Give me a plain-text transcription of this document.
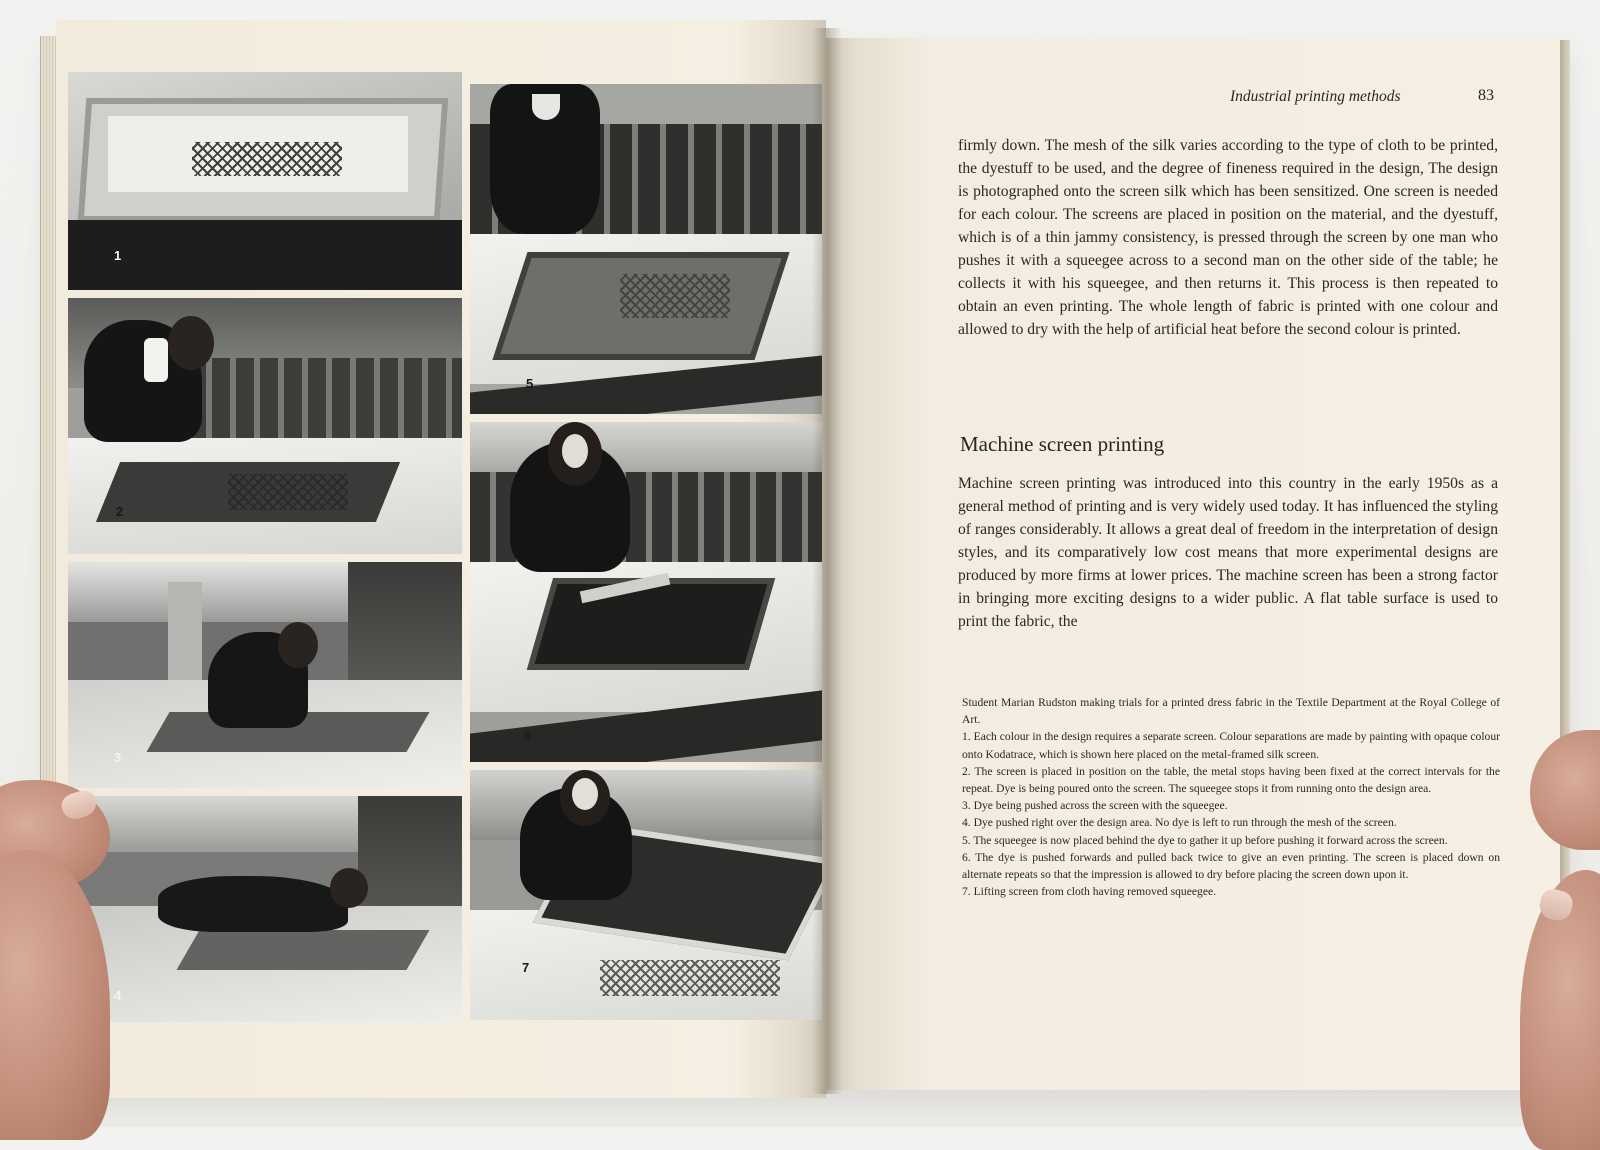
1
2
3
4
5
6
7
Industrial printing methods	83

firmly down. The mesh of the silk varies according to the type of cloth to be printed, the dyestuff to be used, and the degree of fineness required in the design, The design is photographed onto the screen silk which has been sensitized. One screen is needed for each colour. The screens are placed in position on the material, and the dyestuff, which is of a thin jammy consistency, is pressed through the screen by one man who pushes it with a squeegee across to a second man on the other side of the table; he collects it with his squeegee, and then returns it. This process is then repeated to obtain an even printing. The whole length of fabric is printed with one colour and allowed to dry with the help of artificial heat before the second colour is printed.

Machine screen printing

Machine screen printing was introduced into this country in the early 1950s as a general method of printing and is very widely used today. It has influenced the styling of ranges considerably. It allows a great deal of freedom in the interpretation of design styles, and its comparatively low cost means that more experimental designs are produced by more firms at lower prices. The machine screen has been a strong factor in bringing more exciting designs to a wider public. A flat table surface is used to print the fabric, the

Student Marian Rudston making trials for a printed dress fabric in the Textile Department at the Royal College of Art.

1. Each colour in the design requires a separate screen. Colour separations are made by painting with opaque colour onto Kodatrace, which is shown here placed on the metal-framed silk screen.

2. The screen is placed in position on the table, the metal stops having been fixed at the correct intervals for the repeat. Dye is being poured onto the screen. The squeegee stops it from running onto the design area.

3. Dye being pushed across the screen with the squeegee.

4. Dye pushed right over the design area. No dye is left to run through the mesh of the screen.

5. The squeegee is now placed behind the dye to gather it up before pushing it forward across the screen.

6. The dye is pushed forwards and pulled back twice to give an even printing. The screen is placed down on alternate repeats so that the impression is allowed to dry before placing the screen down upon it.

7. Lifting screen from cloth having removed squeegee.
